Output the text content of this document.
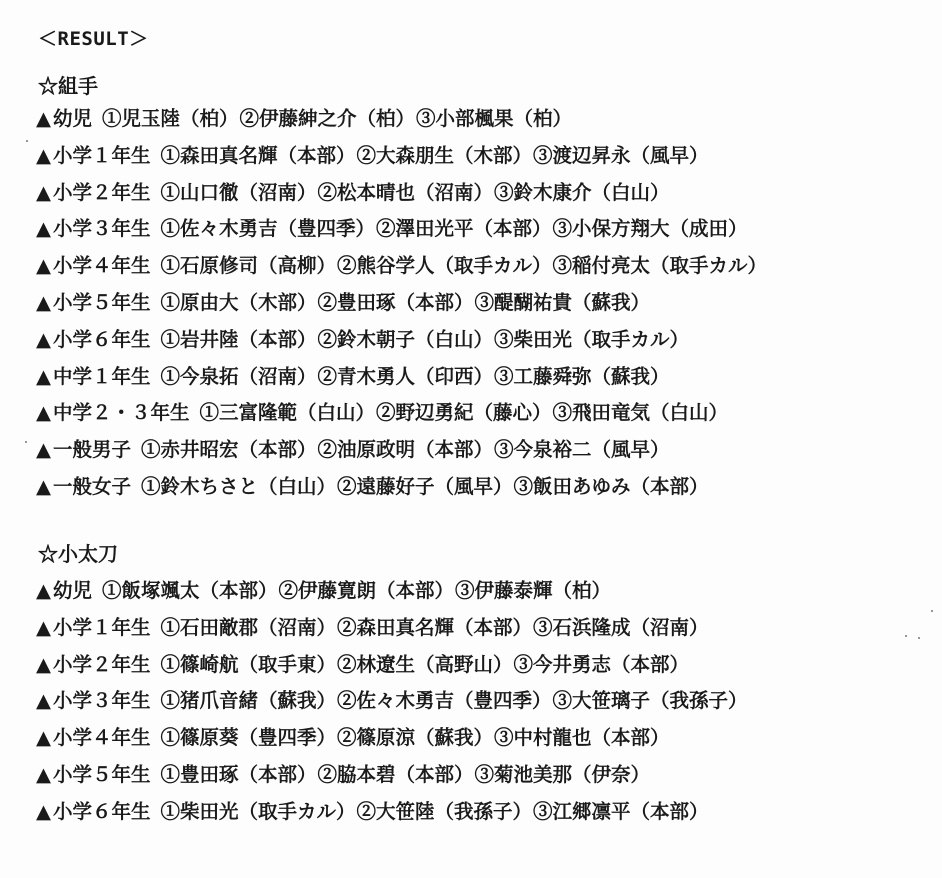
＜RESULT＞
☆組手
▲ 幼児 ①児玉陸（柏）②伊藤紳之介（柏）③小部楓果（柏）
▲ 小学１年生 ①森田真名輝（本部）②大森朋生（木部）③渡辺昇永（風早）
▲ 小学２年生 ①山口徹（沼南）②松本晴也（沼南）③鈴木康介（白山）
▲ 小学３年生 ①佐々木勇吉（豊四季）②澤田光平（本部）③小保方翔大（成田）
▲ 小学４年生 ①石原修司（高柳）②熊谷学人（取手カル）③稲付亮太（取手カル）
▲ 小学５年生 ①原由大（木部）②豊田琢（本部）③醍醐祐貴（蘇我）
▲ 小学６年生 ①岩井陸（本部）②鈴木朝子（白山）③柴田光（取手カル）
▲ 中学１年生 ①今泉拓（沼南）②青木勇人（印西）③工藤舜弥（蘇我）
▲ 中学２・３年生 ①三富隆範（白山）②野辺勇紀（藤心）③飛田竜気（白山）
▲ 一般男子 ①赤井昭宏（本部）②油原政明（本部）③今泉裕二（風早）
▲ 一般女子 ①鈴木ちさと（白山）②遠藤好子（風早）③飯田あゆみ（本部）
☆小太刀
▲ 幼児 ①飯塚颯太（本部）②伊藤寛朗（本部）③伊藤泰輝（柏）
▲ 小学１年生 ①石田敵郡（沼南）②森田真名輝（本部）③石浜隆成（沼南）
▲ 小学２年生 ①篠崎航（取手東）②林遼生（高野山）③今井勇志（本部）
▲ 小学３年生 ①猪爪音緒（蘇我）②佐々木勇吉（豊四季）③大笹璃子（我孫子）
▲ 小学４年生 ①篠原葵（豊四季）②篠原涼（蘇我）③中村龍也（本部）
▲ 小学５年生 ①豊田琢（本部）②脇本碧（本部）③菊池美那（伊奈）
▲ 小学６年生 ①柴田光（取手カル）②大笹陸（我孫子）③江郷凛平（本部）
